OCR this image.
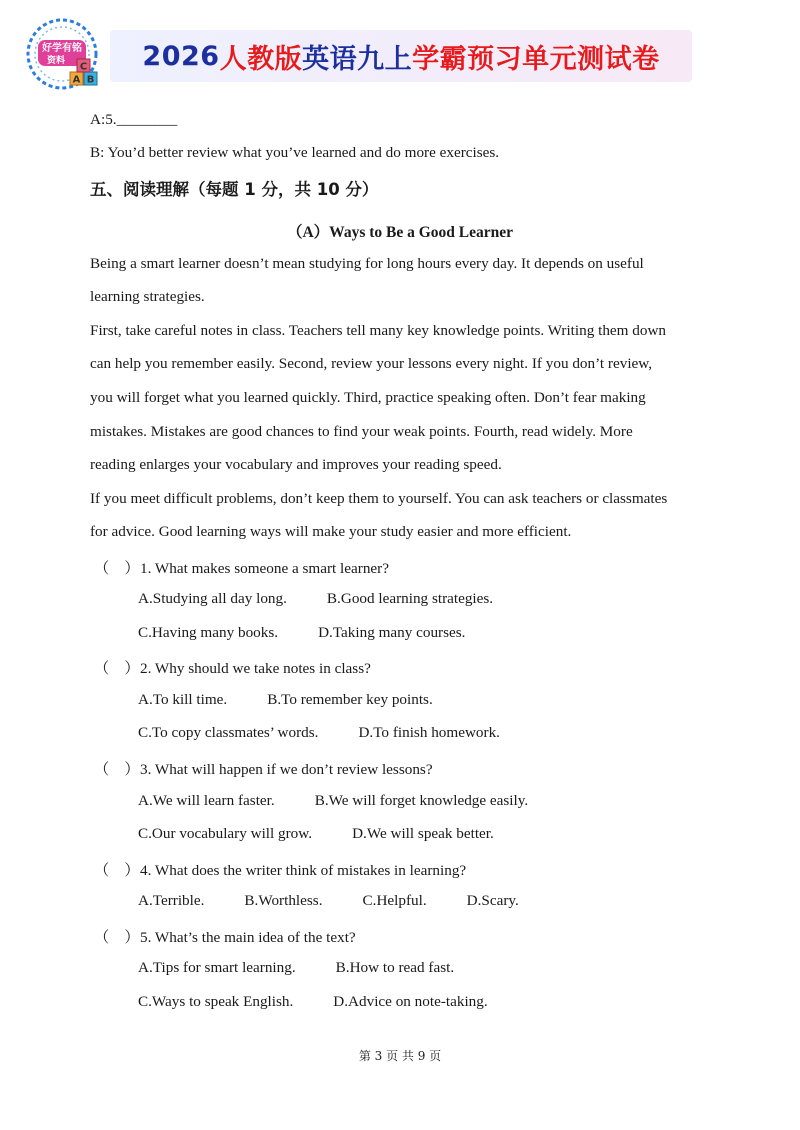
好学有铭
资料
A B
C 2026 人教版 英语九上 学霸预习单元测试卷
A:5.________
B: You’d better review what you’ve learned and do more exercises.
五、阅读理解（每题 1 分，共 10 分）
（A）Ways to Be a Good Learner
Being a smart learner doesn’t mean studying for long hours every day. It depends on useful
learning strategies.
First, take careful notes in class. Teachers tell many key knowledge points. Writing them down
can help you remember easily. Second, review your lessons every night. If you don’t review,
you will forget what you learned quickly. Third, practice speaking often. Don’t fear making
mistakes. Mistakes are good chances to find your weak points. Fourth, read widely. More
reading enlarges your vocabulary and improves your reading speed.
If you meet difficult problems, don’t keep them to yourself. You can ask teachers or classmates
for advice. Good learning ways will make your study easier and more efficient.
（　）1. What makes someone a smart learner?
A.Studying all day long.	B.Good learning strategies.
C.Having many books.	D.Taking many courses.
（　）2. Why should we take notes in class?
A.To kill time.	B.To remember key points.
C.To copy classmates’ words.	D.To finish homework.
（　）3. What will happen if we don’t review lessons?
A.We will learn faster.	B.We will forget knowledge easily.
C.Our vocabulary will grow.	D.We will speak better.
（　）4. What does the writer think of mistakes in learning?
A.Terrible.	B.Worthless.	C.Helpful.	D.Scary.
（　）5. What’s the main idea of the text?
A.Tips for smart learning.	B.How to read fast.
C.Ways to speak English.	D.Advice on note-taking.
第 3 页 共 9 页
